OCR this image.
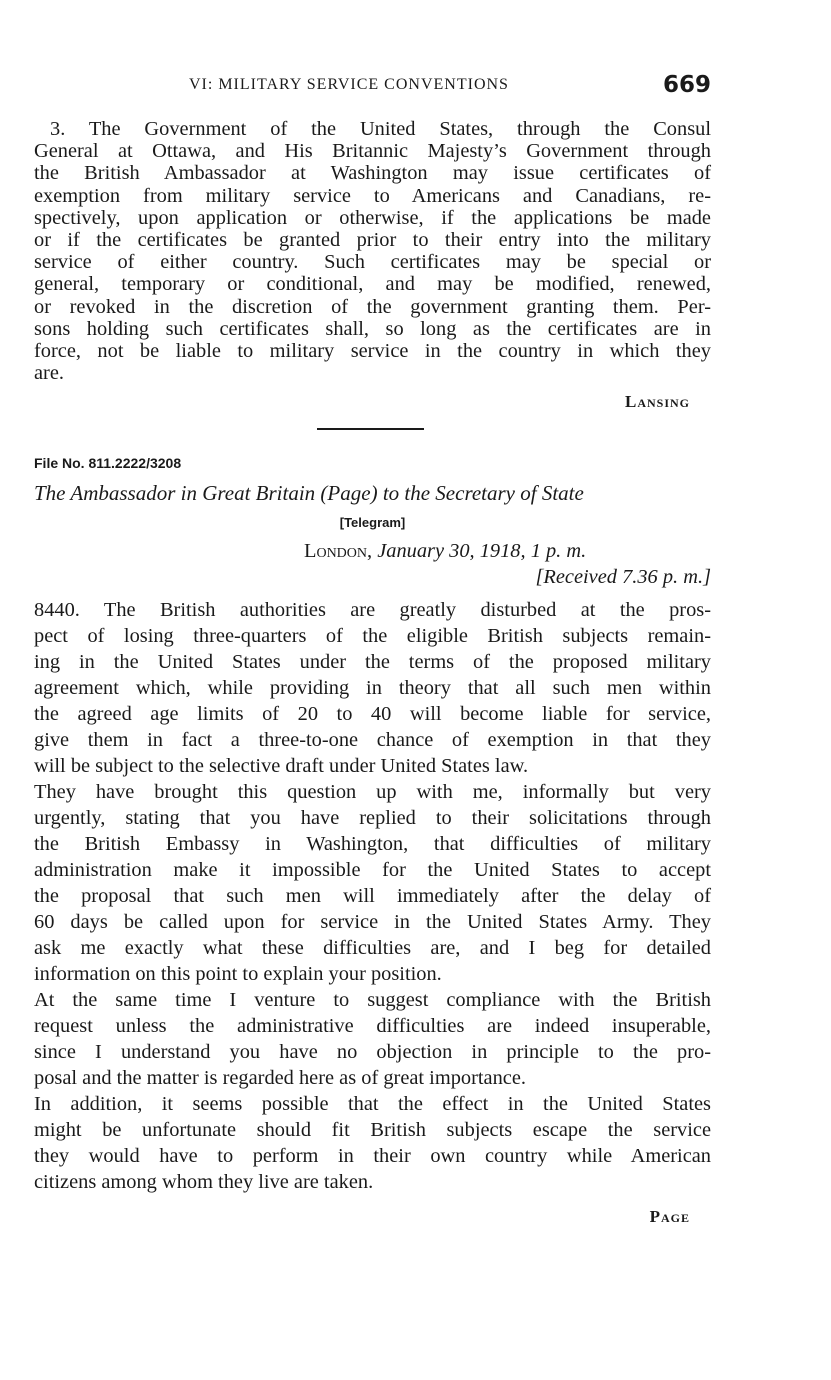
VI: MILITARY SERVICE CONVENTIONS	669
3. The Government of the United States, through the Consul
General at Ottawa, and His Britannic Majesty’s Government through
the British Ambassador at Washington may issue certificates of
exemption from military service to Americans and Canadians, re-
spectively, upon application or otherwise, if the applications be made
or if the certificates be granted prior to their entry into the military
service of either country. Such certificates may be special or
general, temporary or conditional, and may be modified, renewed,
or revoked in the discretion of the government granting them. Per-
sons holding such certificates shall, so long as the certificates are in
force, not be liable to military service in the country in which they
are.
Lansing
File No. 811.2222/3208
The Ambassador in Great Britain (Page) to the Secretary of State
[Telegram]
London, January 30, 1918, 1 p. m.
[Received 7.36 p. m.]
8440. The British authorities are greatly disturbed at the pros-
pect of losing three-quarters of the eligible British subjects remain-
ing in the United States under the terms of the proposed military
agreement which, while providing in theory that all such men within
the agreed age limits of 20 to 40 will become liable for service,
give them in fact a three-to-one chance of exemption in that they
will be subject to the selective draft under United States law.
They have brought this question up with me, informally but very
urgently, stating that you have replied to their solicitations through
the British Embassy in Washington, that difficulties of military
administration make it impossible for the United States to accept
the proposal that such men will immediately after the delay of
60 days be called upon for service in the United States Army. They
ask me exactly what these difficulties are, and I beg for detailed
information on this point to explain your position.
At the same time I venture to suggest compliance with the British
request unless the administrative difficulties are indeed insuperable,
since I understand you have no objection in principle to the pro-
posal and the matter is regarded here as of great importance.
In addition, it seems possible that the effect in the United States
might be unfortunate should fit British subjects escape the service
they would have to perform in their own country while American
citizens among whom they live are taken.
Page
